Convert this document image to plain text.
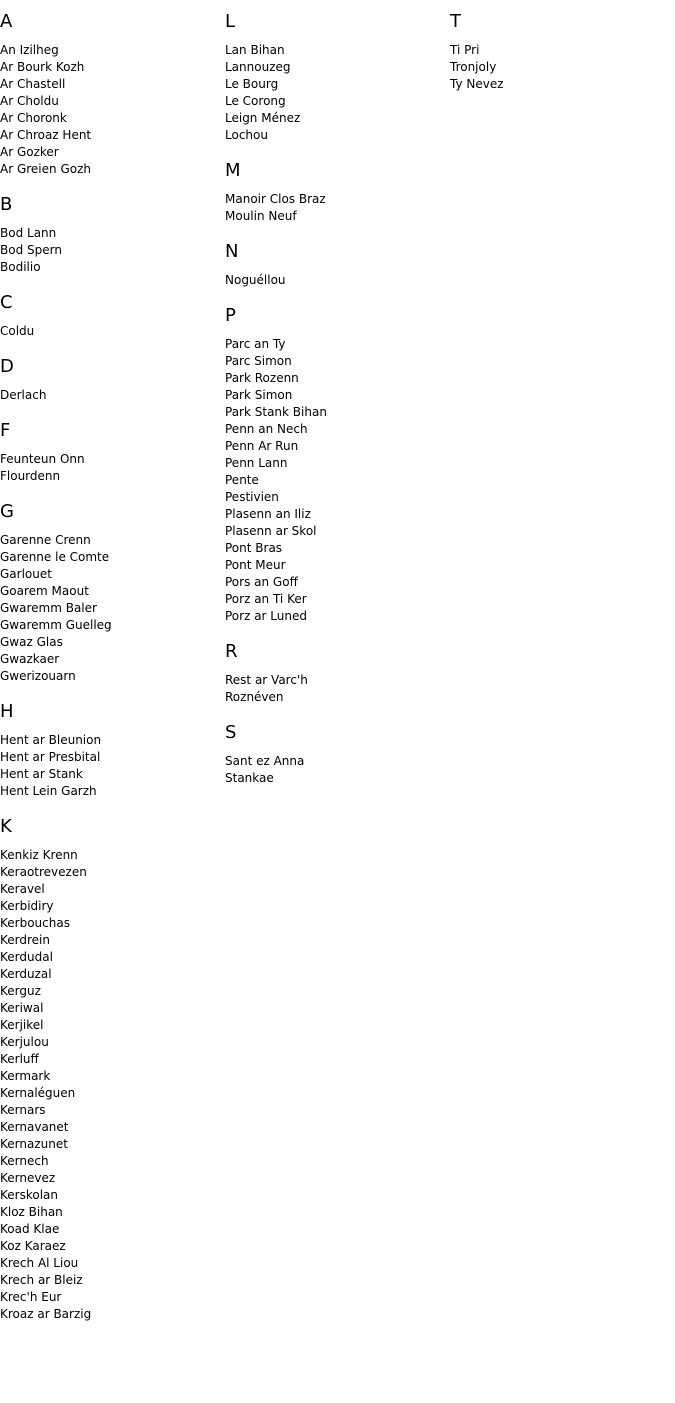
A
An Izilheg
Ar Bourk Kozh
Ar Chastell
Ar Choldu
Ar Choronk
Ar Chroaz Hent
Ar Gozker
Ar Greien Gozh
B
Bod Lann
Bod Spern
Bodilio
C
Coldu
D
Derlach
F
Feunteun Onn
Flourdenn
G
Garenne Crenn
Garenne le Comte
Garlouet
Goarem Maout
Gwaremm Baler
Gwaremm Guelleg
Gwaz Glas
Gwazkaer
Gwerizouarn
H
Hent ar Bleunion
Hent ar Presbital
Hent ar Stank
Hent Lein Garzh
K
Kenkiz Krenn
Keraotrevezen
Keravel
Kerbidiry
Kerbouchas
Kerdrein
Kerdudal
Kerduzal
Kerguz
Keriwal
Kerjikel
Kerjulou
Kerluff
Kermark
Kernaléguen
Kernars
Kernavanet
Kernazunet
Kernech
Kernevez
Kerskolan
Kloz Bihan
Koad Klae
Koz Karaez
Krech Al Liou
Krech ar Bleiz
Krec'h Eur
Kroaz ar Barzig
L
Lan Bihan
Lannouzeg
Le Bourg
Le Corong
Leign Ménez
Lochou
M
Manoir Clos Braz
Moulin Neuf
N
Noguéllou
P
Parc an Ty
Parc Simon
Park Rozenn
Park Simon
Park Stank Bihan
Penn an Nech
Penn Ar Run
Penn Lann
Pente
Pestivien
Plasenn an Iliz
Plasenn ar Skol
Pont Bras
Pont Meur
Pors an Goff
Porz an Ti Ker
Porz ar Luned
R
Rest ar Varc'h
Roznéven
S
Sant ez Anna
Stankae
T
Ti Pri
Tronjoly
Ty Nevez
